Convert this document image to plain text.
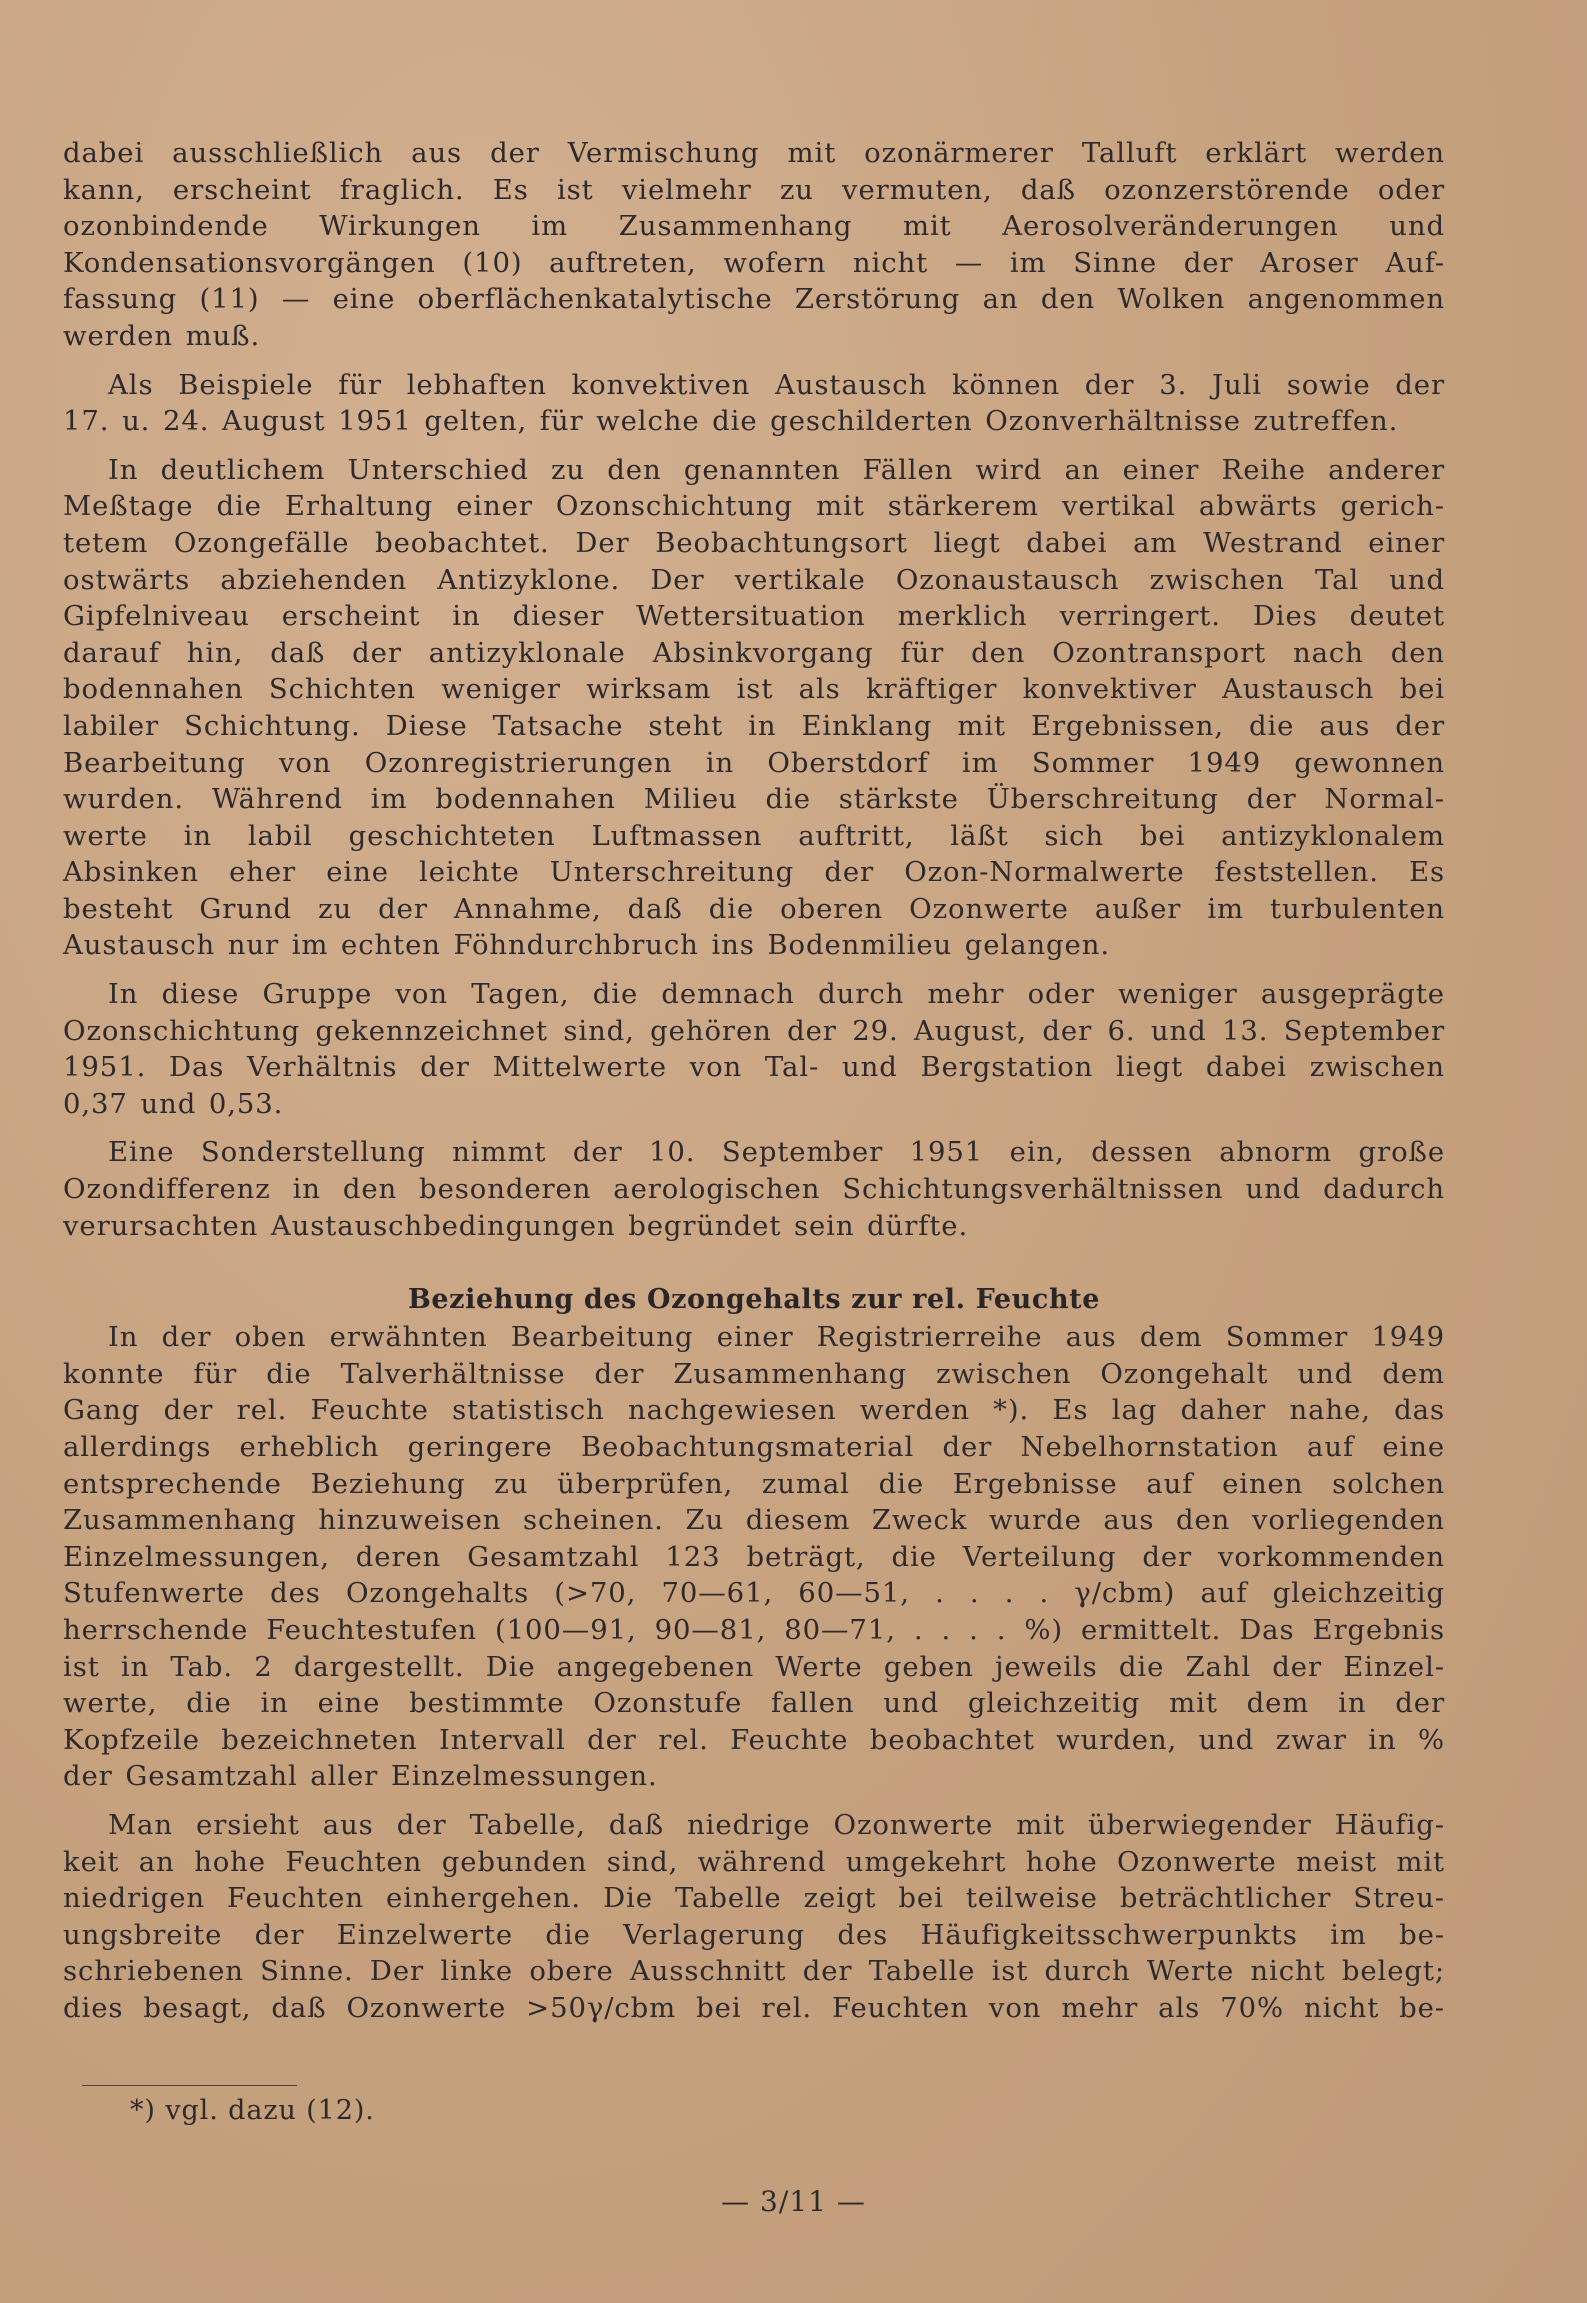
dabei ausschließlich aus der Vermischung mit ozonärmerer Talluft erklärt werden
kann, erscheint fraglich. Es ist vielmehr zu vermuten, daß ozonzerstörende oder
ozonbindende Wirkungen im Zusammenhang mit Aerosolveränderungen und
Kondensationsvorgängen (10) auftreten, wofern nicht — im Sinne der Aroser Auf-
fassung (11) — eine oberflächenkatalytische Zerstörung an den Wolken angenommen
werden muß.

Als Beispiele für lebhaften konvektiven Austausch können der 3. Juli sowie der
17. u. 24. August 1951 gelten, für welche die geschilderten Ozonverhältnisse zutreffen.

In deutlichem Unterschied zu den genannten Fällen wird an einer Reihe anderer
Meßtage die Erhaltung einer Ozonschichtung mit stärkerem vertikal abwärts gerich-
tetem Ozongefälle beobachtet. Der Beobachtungsort liegt dabei am Westrand einer
ostwärts abziehenden Antizyklone. Der vertikale Ozonaustausch zwischen Tal und
Gipfelniveau erscheint in dieser Wettersituation merklich verringert. Dies deutet
darauf hin, daß der antizyklonale Absinkvorgang für den Ozontransport nach den
bodennahen Schichten weniger wirksam ist als kräftiger konvektiver Austausch bei
labiler Schichtung. Diese Tatsache steht in Einklang mit Ergebnissen, die aus der
Bearbeitung von Ozonregistrierungen in Oberstdorf im Sommer 1949 gewonnen
wurden. Während im bodennahen Milieu die stärkste Überschreitung der Normal-
werte in labil geschichteten Luftmassen auftritt, läßt sich bei antizyklonalem
Absinken eher eine leichte Unterschreitung der Ozon-Normalwerte feststellen. Es
besteht Grund zu der Annahme, daß die oberen Ozonwerte außer im turbulenten
Austausch nur im echten Föhndurchbruch ins Bodenmilieu gelangen.

In diese Gruppe von Tagen, die demnach durch mehr oder weniger ausgeprägte
Ozonschichtung gekennzeichnet sind, gehören der 29. August, der 6. und 13. September
1951. Das Verhältnis der Mittelwerte von Tal- und Bergstation liegt dabei zwischen
0,37 und 0,53.

Eine Sonderstellung nimmt der 10. September 1951 ein, dessen abnorm große
Ozondifferenz in den besonderen aerologischen Schichtungsverhältnissen und dadurch
verursachten Austauschbedingungen begründet sein dürfte.

Beziehung des Ozongehalts zur rel. Feuchte

In der oben erwähnten Bearbeitung einer Registrierreihe aus dem Sommer 1949
konnte für die Talverhältnisse der Zusammenhang zwischen Ozongehalt und dem
Gang der rel. Feuchte statistisch nachgewiesen werden *). Es lag daher nahe, das
allerdings erheblich geringere Beobachtungsmaterial der Nebelhornstation auf eine
entsprechende Beziehung zu überprüfen, zumal die Ergebnisse auf einen solchen
Zusammenhang hinzuweisen scheinen. Zu diesem Zweck wurde aus den vorliegenden
Einzelmessungen, deren Gesamtzahl 123 beträgt, die Verteilung der vorkommenden
Stufenwerte des Ozongehalts (>70, 70—61, 60—51, . . . . γ/cbm) auf gleichzeitig
herrschende Feuchtestufen (100—91, 90—81, 80—71, . . . . %) ermittelt. Das Ergebnis
ist in Tab. 2 dargestellt. Die angegebenen Werte geben jeweils die Zahl der Einzel-
werte, die in eine bestimmte Ozonstufe fallen und gleichzeitig mit dem in der
Kopfzeile bezeichneten Intervall der rel. Feuchte beobachtet wurden, und zwar in %
der Gesamtzahl aller Einzelmessungen.

Man ersieht aus der Tabelle, daß niedrige Ozonwerte mit überwiegender Häufig-
keit an hohe Feuchten gebunden sind, während umgekehrt hohe Ozonwerte meist mit
niedrigen Feuchten einhergehen. Die Tabelle zeigt bei teilweise beträchtlicher Streu-
ungsbreite der Einzelwerte die Verlagerung des Häufigkeitsschwerpunkts im be-
schriebenen Sinne. Der linke obere Ausschnitt der Tabelle ist durch Werte nicht belegt;
dies besagt, daß Ozonwerte >50γ/cbm bei rel. Feuchten von mehr als 70% nicht be-

*) vgl. dazu (12).
— 3/11 —
